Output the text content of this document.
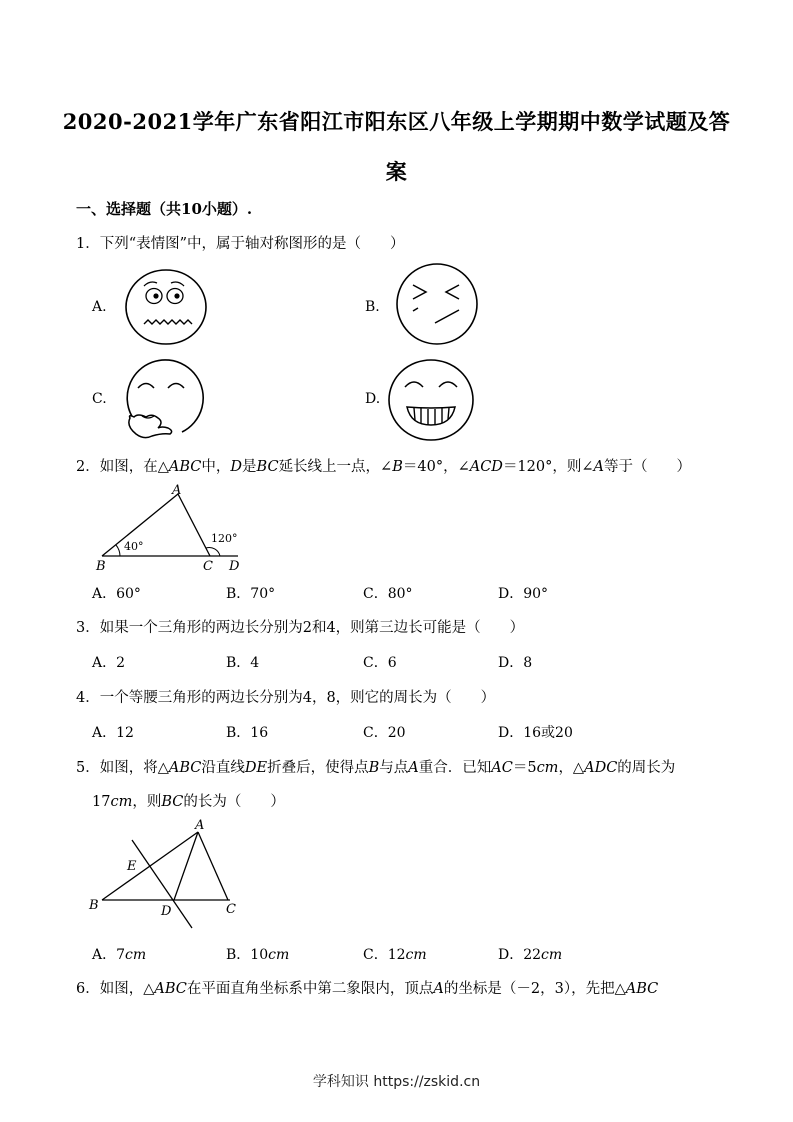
2020-2021学年广东省阳江市阳东区八年级上学期期中数学试题及答
案
一、选择题（共10小题）.
1．下列“表情图”中，属于轴对称图形的是（　　）
A.	B.
C.	D.
2．如图，在△ABC中，D是BC延长线上一点，∠B＝40°，∠ACD＝120°，则∠A等于（　　）
A
B	C D
40°
120°
A．60°	B．70°	C．80°	D．90°
3．如果一个三角形的两边长分别为2和4，则第三边长可能是（　　）
A．2	B．4	C．6	D．8
4．一个等腰三角形的两边长分别为4，8，则它的周长为（　　）
A．12	B．16	C．20	D．16或20
5．如图，将△ABC沿直线DE折叠后，使得点B与点A重合．已知AC＝5cm，△ADC的周长为
17cm，则BC的长为（　　）
A
E
B	D	C
A．7cm	B．10cm	C．12cm	D．22cm
6．如图，△ABC在平面直角坐标系中第二象限内，顶点A的坐标是（－2，3），先把△ABC
学科知识 https://zskid.cn
